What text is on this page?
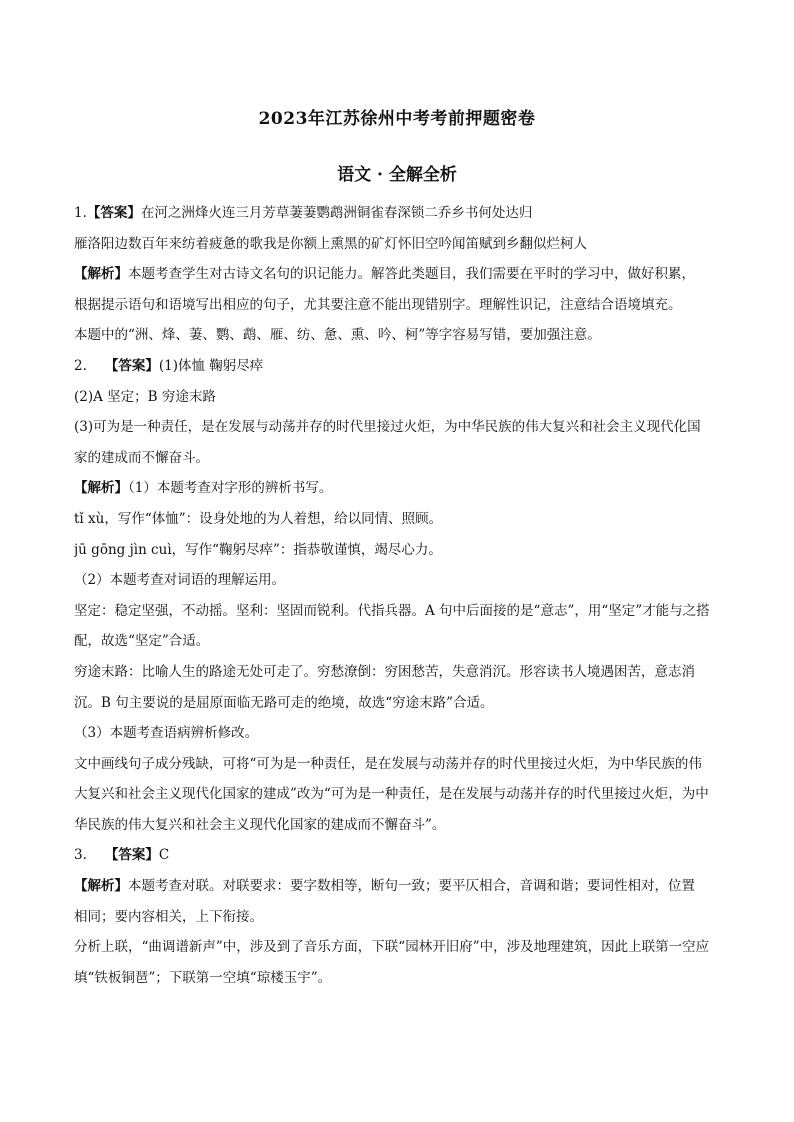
2023年江苏徐州中考考前押题密卷
语文 · 全解全析
1.【答案】在河之洲烽火连三月芳草萋萋鹦鹉洲铜雀春深锁二乔乡书何处达归
雁洛阳边数百年来纺着疲惫的歌我是你额上熏黑的矿灯怀旧空吟闻笛赋到乡翻似烂柯人
【解析】本题考查学生对古诗文名句的识记能力。解答此类题目，我们需要在平时的学习中，做好积累，
根据提示语句和语境写出相应的句子，尤其要注意不能出现错别字。理解性识记，注意结合语境填充。
本题中的“洲、烽、萋、鹦、鹉、雁、纺、惫、熏、吟、柯”等字容易写错，要加强注意。
2. 【答案】(1)体恤 鞠躬尽瘁
(2)A 坚定；B 穷途末路
(3)可为是一种责任，是在发展与动荡并存的时代里接过火炬，为中华民族的伟大复兴和社会主义现代化国
家的建成而不懈奋斗。
【解析】（1）本题考查对字形的辨析书写。
tǐ xù，写作“体恤”：设身处地的为人着想，给以同情、照顾。
jū gōng jìn cuì，写作“鞠躬尽瘁”：指恭敬谨慎，竭尽心力。
（2）本题考查对词语的理解运用。
坚定：稳定坚强，不动摇。坚利：坚固而锐利。代指兵器。A 句中后面接的是“意志”，用“坚定”才能与之搭
配，故选“坚定”合适。
穷途末路：比喻人生的路途无处可走了。穷愁潦倒：穷困愁苦，失意消沉。形容读书人境遇困苦，意志消
沉。B 句主要说的是屈原面临无路可走的绝境，故选“穷途末路”合适。
（3）本题考查语病辨析修改。
文中画线句子成分残缺，可将“可为是一种责任，是在发展与动荡并存的时代里接过火炬，为中华民族的伟
大复兴和社会主义现代化国家的建成”改为“可为是一种责任，是在发展与动荡并存的时代里接过火炬，为中
华民族的伟大复兴和社会主义现代化国家的建成而不懈奋斗”。
3. 【答案】C
【解析】本题考查对联。对联要求：要字数相等，断句一致；要平仄相合，音调和谐；要词性相对，位置
相同；要内容相关，上下衔接。
分析上联，“曲调谱新声”中，涉及到了音乐方面，下联“园林开旧府”中，涉及地理建筑，因此上联第一空应
填“铁板铜琶”；下联第一空填“琼楼玉宇”。
